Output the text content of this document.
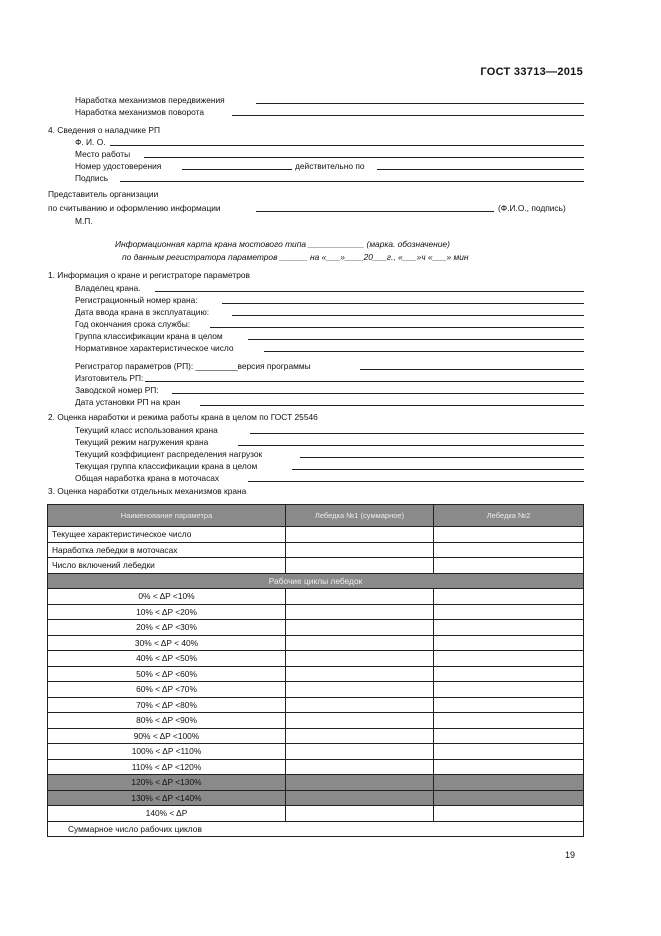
ГОСТ 33713—2015
Наработка механизмов передвижения
Наработка механизмов поворота
4. Сведения о наладчике РП
Ф. И. О.
Место работы
Номер удостоверения	действительно по
Подпись
Представитель организации
по считыванию и оформлению информации	(Ф.И.О., подпись)
М.П.
Информационная карта крана мостового типа ____________ (маркa. обозначение)
по данным регистратора параметров ______ на «___»____20___г., «___»ч «___» мин
1. Информация о кране и регистраторе параметров
Владелец крана.
Регистрационный номер крана:
Дата ввода крана в эксплуатацию:
Год окончания срока службы:
Группа классификации крана в целом
Нормативное характеристическое число
Регистратор параметров (РП): _________версия программы
Изготовитель РП:
Заводской номер РП:
Дата установки РП на кран
2. Оценка наработки и режима работы крана в целом по ГОСТ 25546
Текущий класс использования крана
Текущий режим нагружения крана
Текущий коэффициент распределения нагрузок
Текущая группа классификации крана в целом
Общая наработка крана в моточасах
3. Оценка наработки отдельных механизмов крана
Наименование параметра	Лебедка №1 (суммарное)	Лебедка №2
Текущее характеристическое число		
Наработка лебедки в моточасах		
Число включений лебедки		
Рабочие циклы лебедок		
0% < ΔP <10%		
10% < ΔP <20%		
20% < ΔP <30%		
30% < ΔP < 40%		
40% < ΔP <50%		
50% < ΔP <60%		
60% < ΔP <70%		
70% < ΔP <80%		
80% < ΔP <90%		
90% < ΔP <100%		
100% < ΔP <110%		
110% < ΔP <120%		
120% < ΔP <130%		
130% < ΔP <140%		
140% < ΔP		
Суммарное число рабочих циклов		
19
